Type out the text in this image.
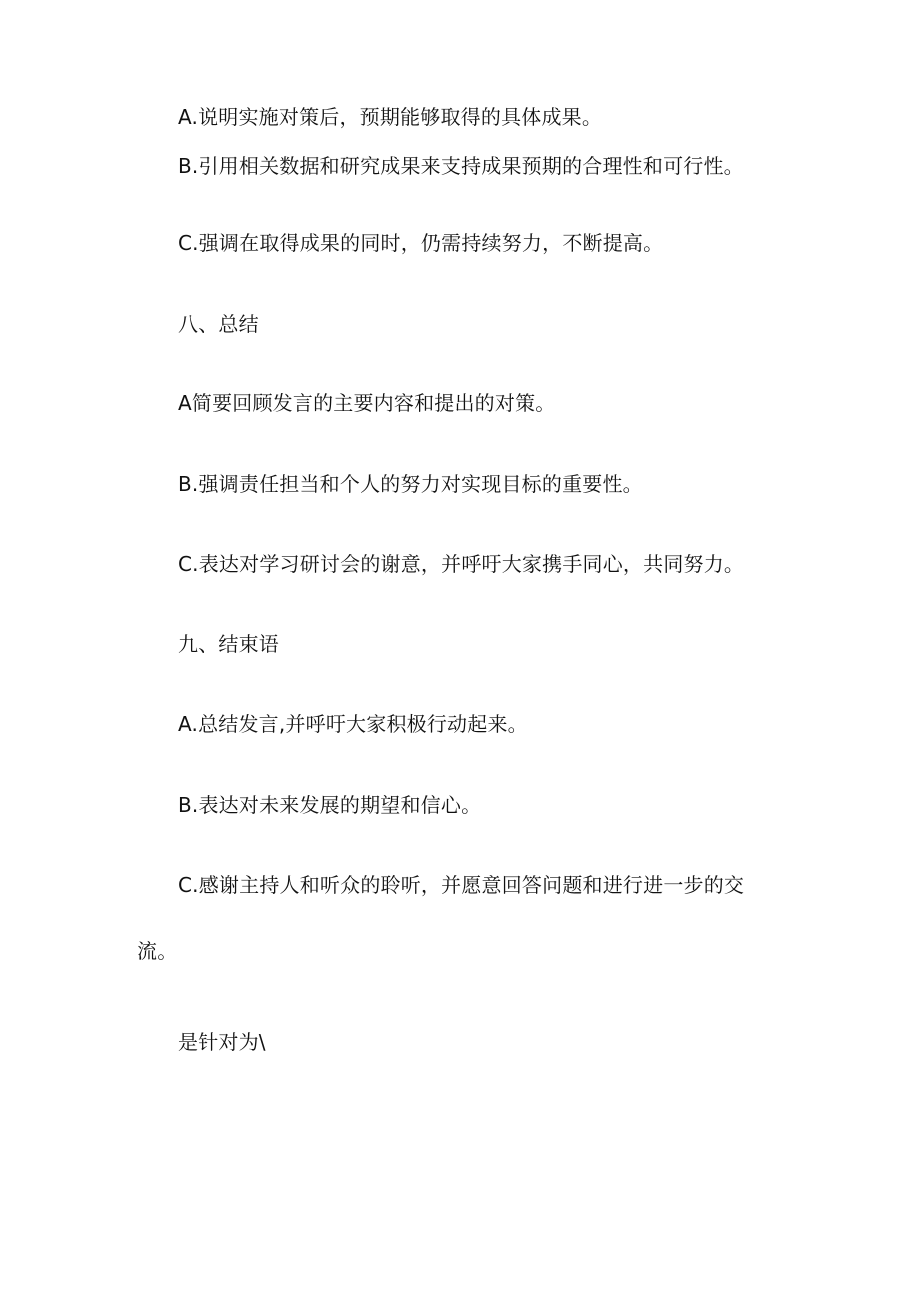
A.说明实施对策后，预期能够取得的具体成果。
B.引用相关数据和研究成果来支持成果预期的合理性和可行性。
C.强调在取得成果的同时，仍需持续努力，不断提高。
八、总结
A简要回顾发言的主要内容和提出的对策。
B.强调责任担当和个人的努力对实现目标的重要性。
C.表达对学习研讨会的谢意，并呼吁大家携手同心，共同努力。
九、结束语
A.总结发言,并呼吁大家积极行动起来。
B.表达对未来发展的期望和信心。
C.感谢主持人和听众的聆听，并愿意回答问题和进行进一步的交
流。
是针对为\
